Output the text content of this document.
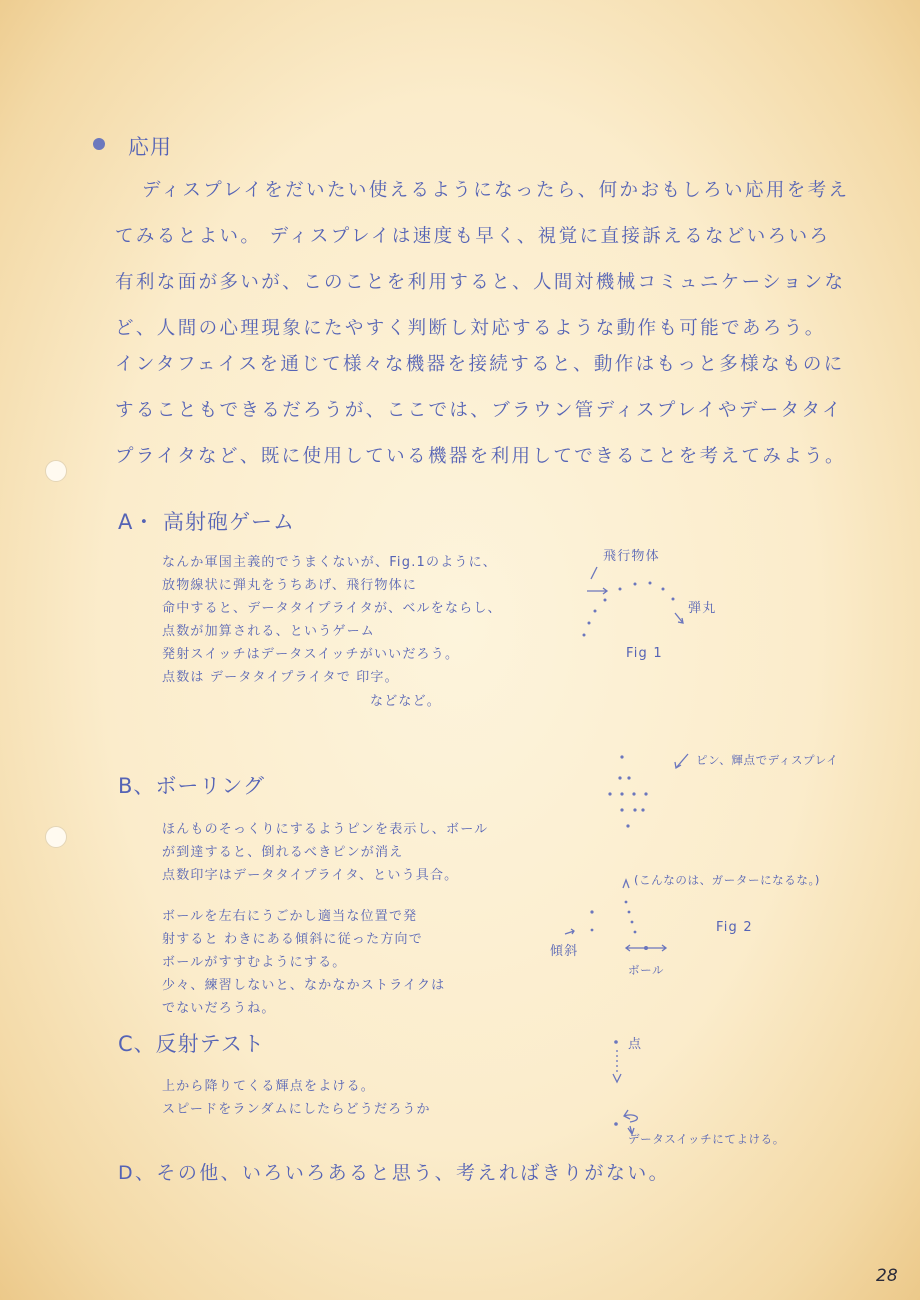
応用
ディスプレイをだいたい使えるようになったら、何かおもしろい応用を考え
てみるとよい。 ディスプレイは速度も早く、視覚に直接訴えるなどいろいろ
有利な面が多いが、このことを利用すると、人間対機械コミュニケーションな
ど、人間の心理現象にたやすく判断し対応するような動作も可能であろう。
インタフェイスを通じて様々な機器を接続すると、動作はもっと多様なものに
することもできるだろうが、ここでは、ブラウン管ディスプレイやデータタイ
プライタなど、既に使用している機器を利用してできることを考えてみよう。
A・ 高射砲ゲーム
なんか軍国主義的でうまくないが、Fig.1のように、
放物線状に弾丸をうちあげ、飛行物体に
命中すると、データタイプライタが、ベルをならし、
点数が加算される、というゲーム
発射スイッチはデータスイッチがいいだろう。
点数は データタイプライタで 印字。
などなど。
飛行物体
弾丸
Fig 1
B、ボーリング
ほんものそっくりにするようピンを表示し、ボール
が到達すると、倒れるべきピンが消え
点数印字はデータタイプライタ、という具合。
ボールを左右にうごかし適当な位置で発
射すると わきにある傾斜に従った方向で
ボールがすすむようにする。
少々、練習しないと、なかなかストライクは
でないだろうね。
ピン、輝点でディスプレイ
(こんなのは、ガーターになるな。)
Fig 2
傾斜
ボール
C、反射テスト
上から降りてくる輝点をよける。
スピードをランダムにしたらどうだろうか
点
データスイッチにてよける。
D、その他、いろいろあると思う、考えればきりがない。
28
